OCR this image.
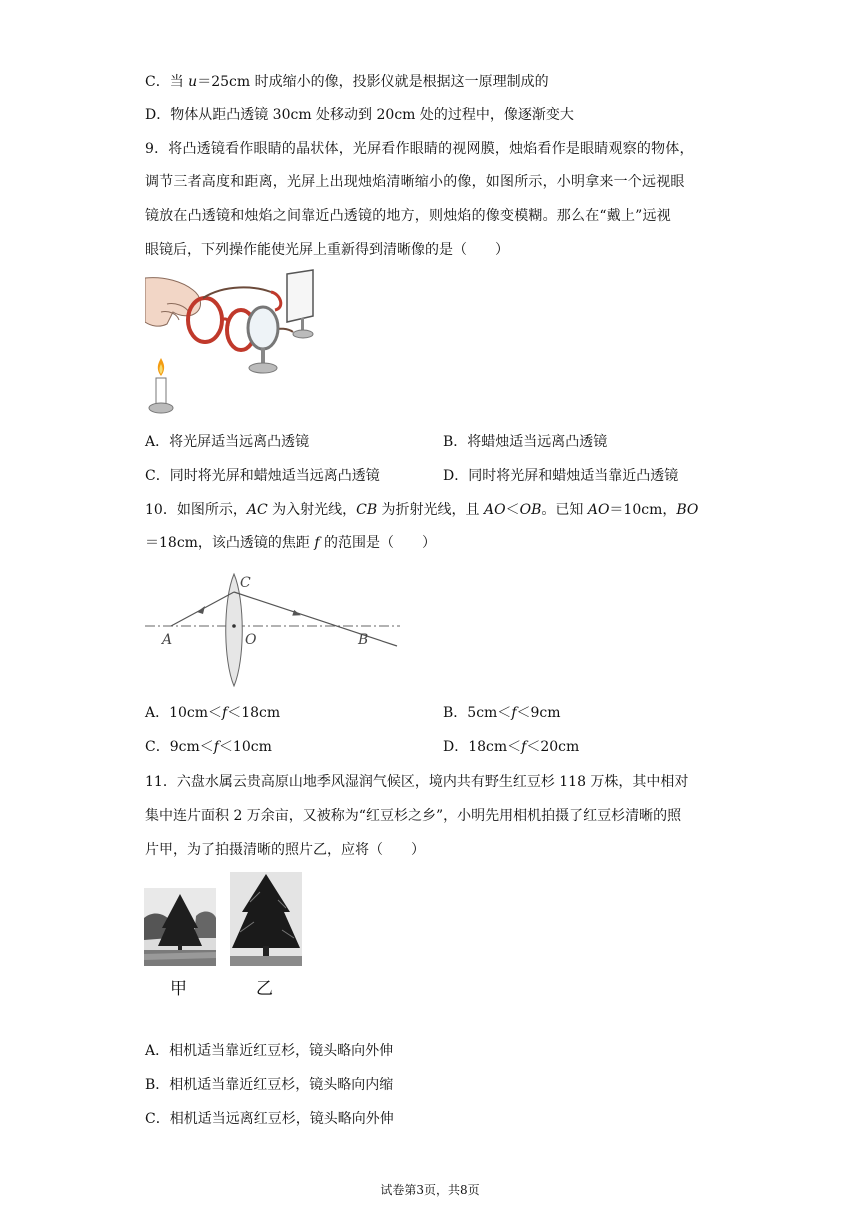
C．当 u＝25cm 时成缩小的像，投影仪就是根据这一原理制成的
D．物体从距凸透镜 30cm 处移动到 20cm 处的过程中，像逐渐变大
9．将凸透镜看作眼睛的晶状体，光屏看作眼睛的视网膜，烛焰看作是眼睛观察的物体，
调节三者高度和距离，光屏上出现烛焰清晰缩小的像，如图所示，小明拿来一个远视眼
镜放在凸透镜和烛焰之间靠近凸透镜的地方，则烛焰的像变模糊。那么在“戴上”远视
眼镜后，下列操作能使光屏上重新得到清晰像的是（　　）
A．将光屏适当远离凸透镜	B．将蜡烛适当远离凸透镜
C．同时将光屏和蜡烛适当远离凸透镜	D．同时将光屏和蜡烛适当靠近凸透镜
10．如图所示，AC 为入射光线，CB 为折射光线，且 AO＜OB。已知 AO＝10cm，BO
＝18cm，该凸透镜的焦距 f 的范围是（　　）
A	O	B
C
A．10cm＜f＜18cm	B．5cm＜f＜9cm
C．9cm＜f＜10cm	D．18cm＜f＜20cm
11．六盘水属云贵高原山地季风湿润气候区，境内共有野生红豆杉 118 万株，其中相对
集中连片面积 2 万余亩，又被称为“红豆杉之乡”，小明先用相机拍摄了红豆杉清晰的照
片甲，为了拍摄清晰的照片乙，应将（　　）
甲	乙
A．相机适当靠近红豆杉，镜头略向外伸
B．相机适当靠近红豆杉，镜头略向内缩
C．相机适当远离红豆杉，镜头略向外伸
试卷第3页，共8页
